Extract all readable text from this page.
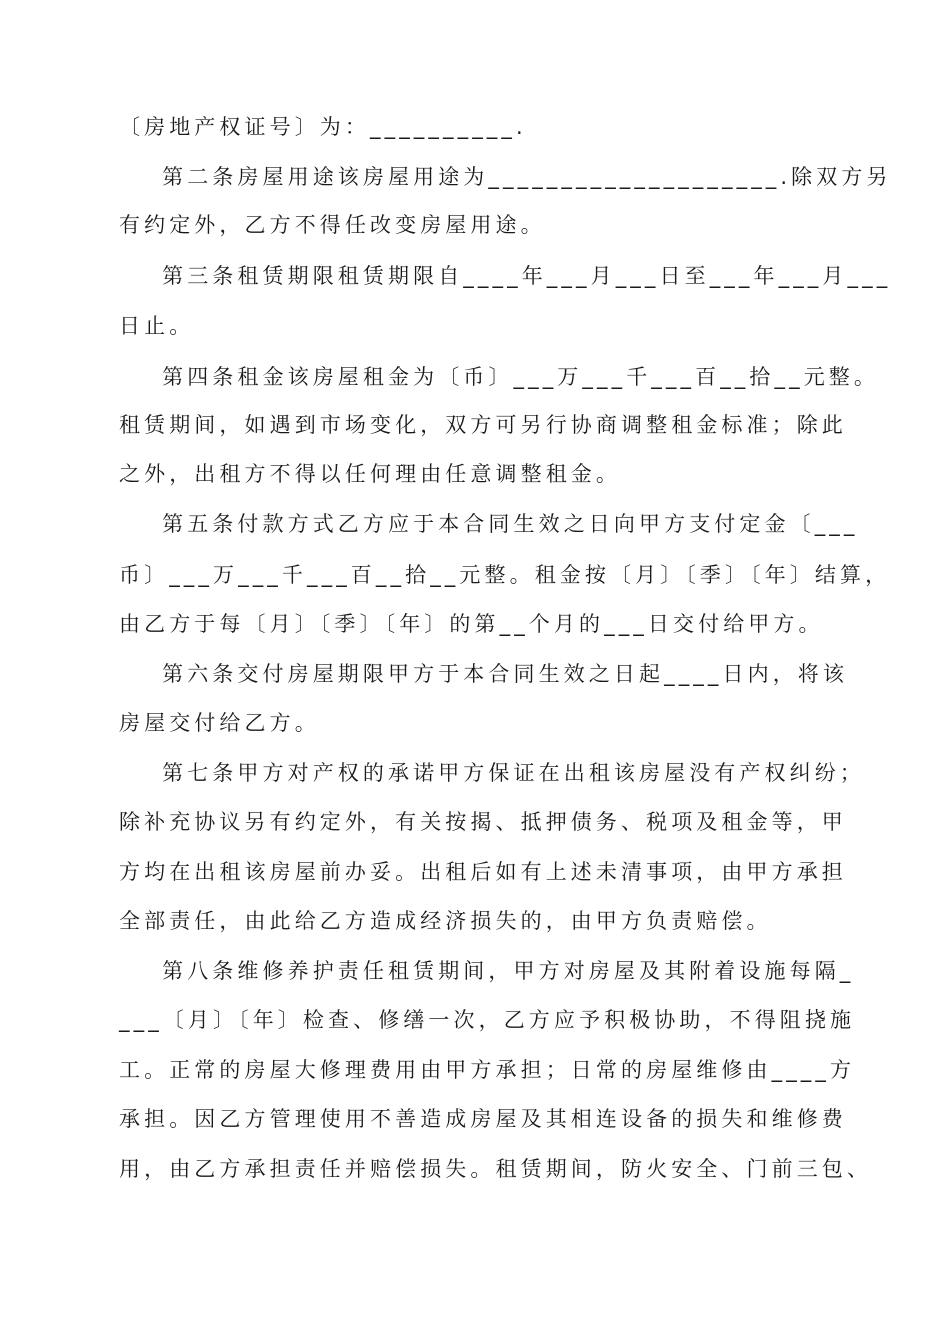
〔房地产权证号〕为：__________.
第二条房屋用途该房屋用途为____________________.除双方另
有约定外，乙方不得任改变房屋用途。
第三条租赁期限租赁期限自____年___月___日至___年___月___
日止。
第四条租金该房屋租金为〔币〕___万___千___百__拾__元整。
租赁期间，如遇到市场变化，双方可另行协商调整租金标准；除此
之外，出租方不得以任何理由任意调整租金。
第五条付款方式乙方应于本合同生效之日向甲方支付定金〔___
币〕___万___千___百__拾__元整。租金按〔月〕〔季〕〔年〕结算，
由乙方于每〔月〕〔季〕〔年〕的第__个月的___日交付给甲方。
第六条交付房屋期限甲方于本合同生效之日起____日内，将该
房屋交付给乙方。
第七条甲方对产权的承诺甲方保证在出租该房屋没有产权纠纷；
除补充协议另有约定外，有关按揭、抵押债务、税项及租金等，甲
方均在出租该房屋前办妥。出租后如有上述未清事项，由甲方承担
全部责任，由此给乙方造成经济损失的，由甲方负责赔偿。
第八条维修养护责任租赁期间，甲方对房屋及其附着设施每隔_
___〔月〕〔年〕检查、修缮一次，乙方应予积极协助，不得阻挠施
工。正常的房屋大修理费用由甲方承担；日常的房屋维修由____方
承担。因乙方管理使用不善造成房屋及其相连设备的损失和维修费
用，由乙方承担责任并赔偿损失。租赁期间，防火安全、门前三包、
